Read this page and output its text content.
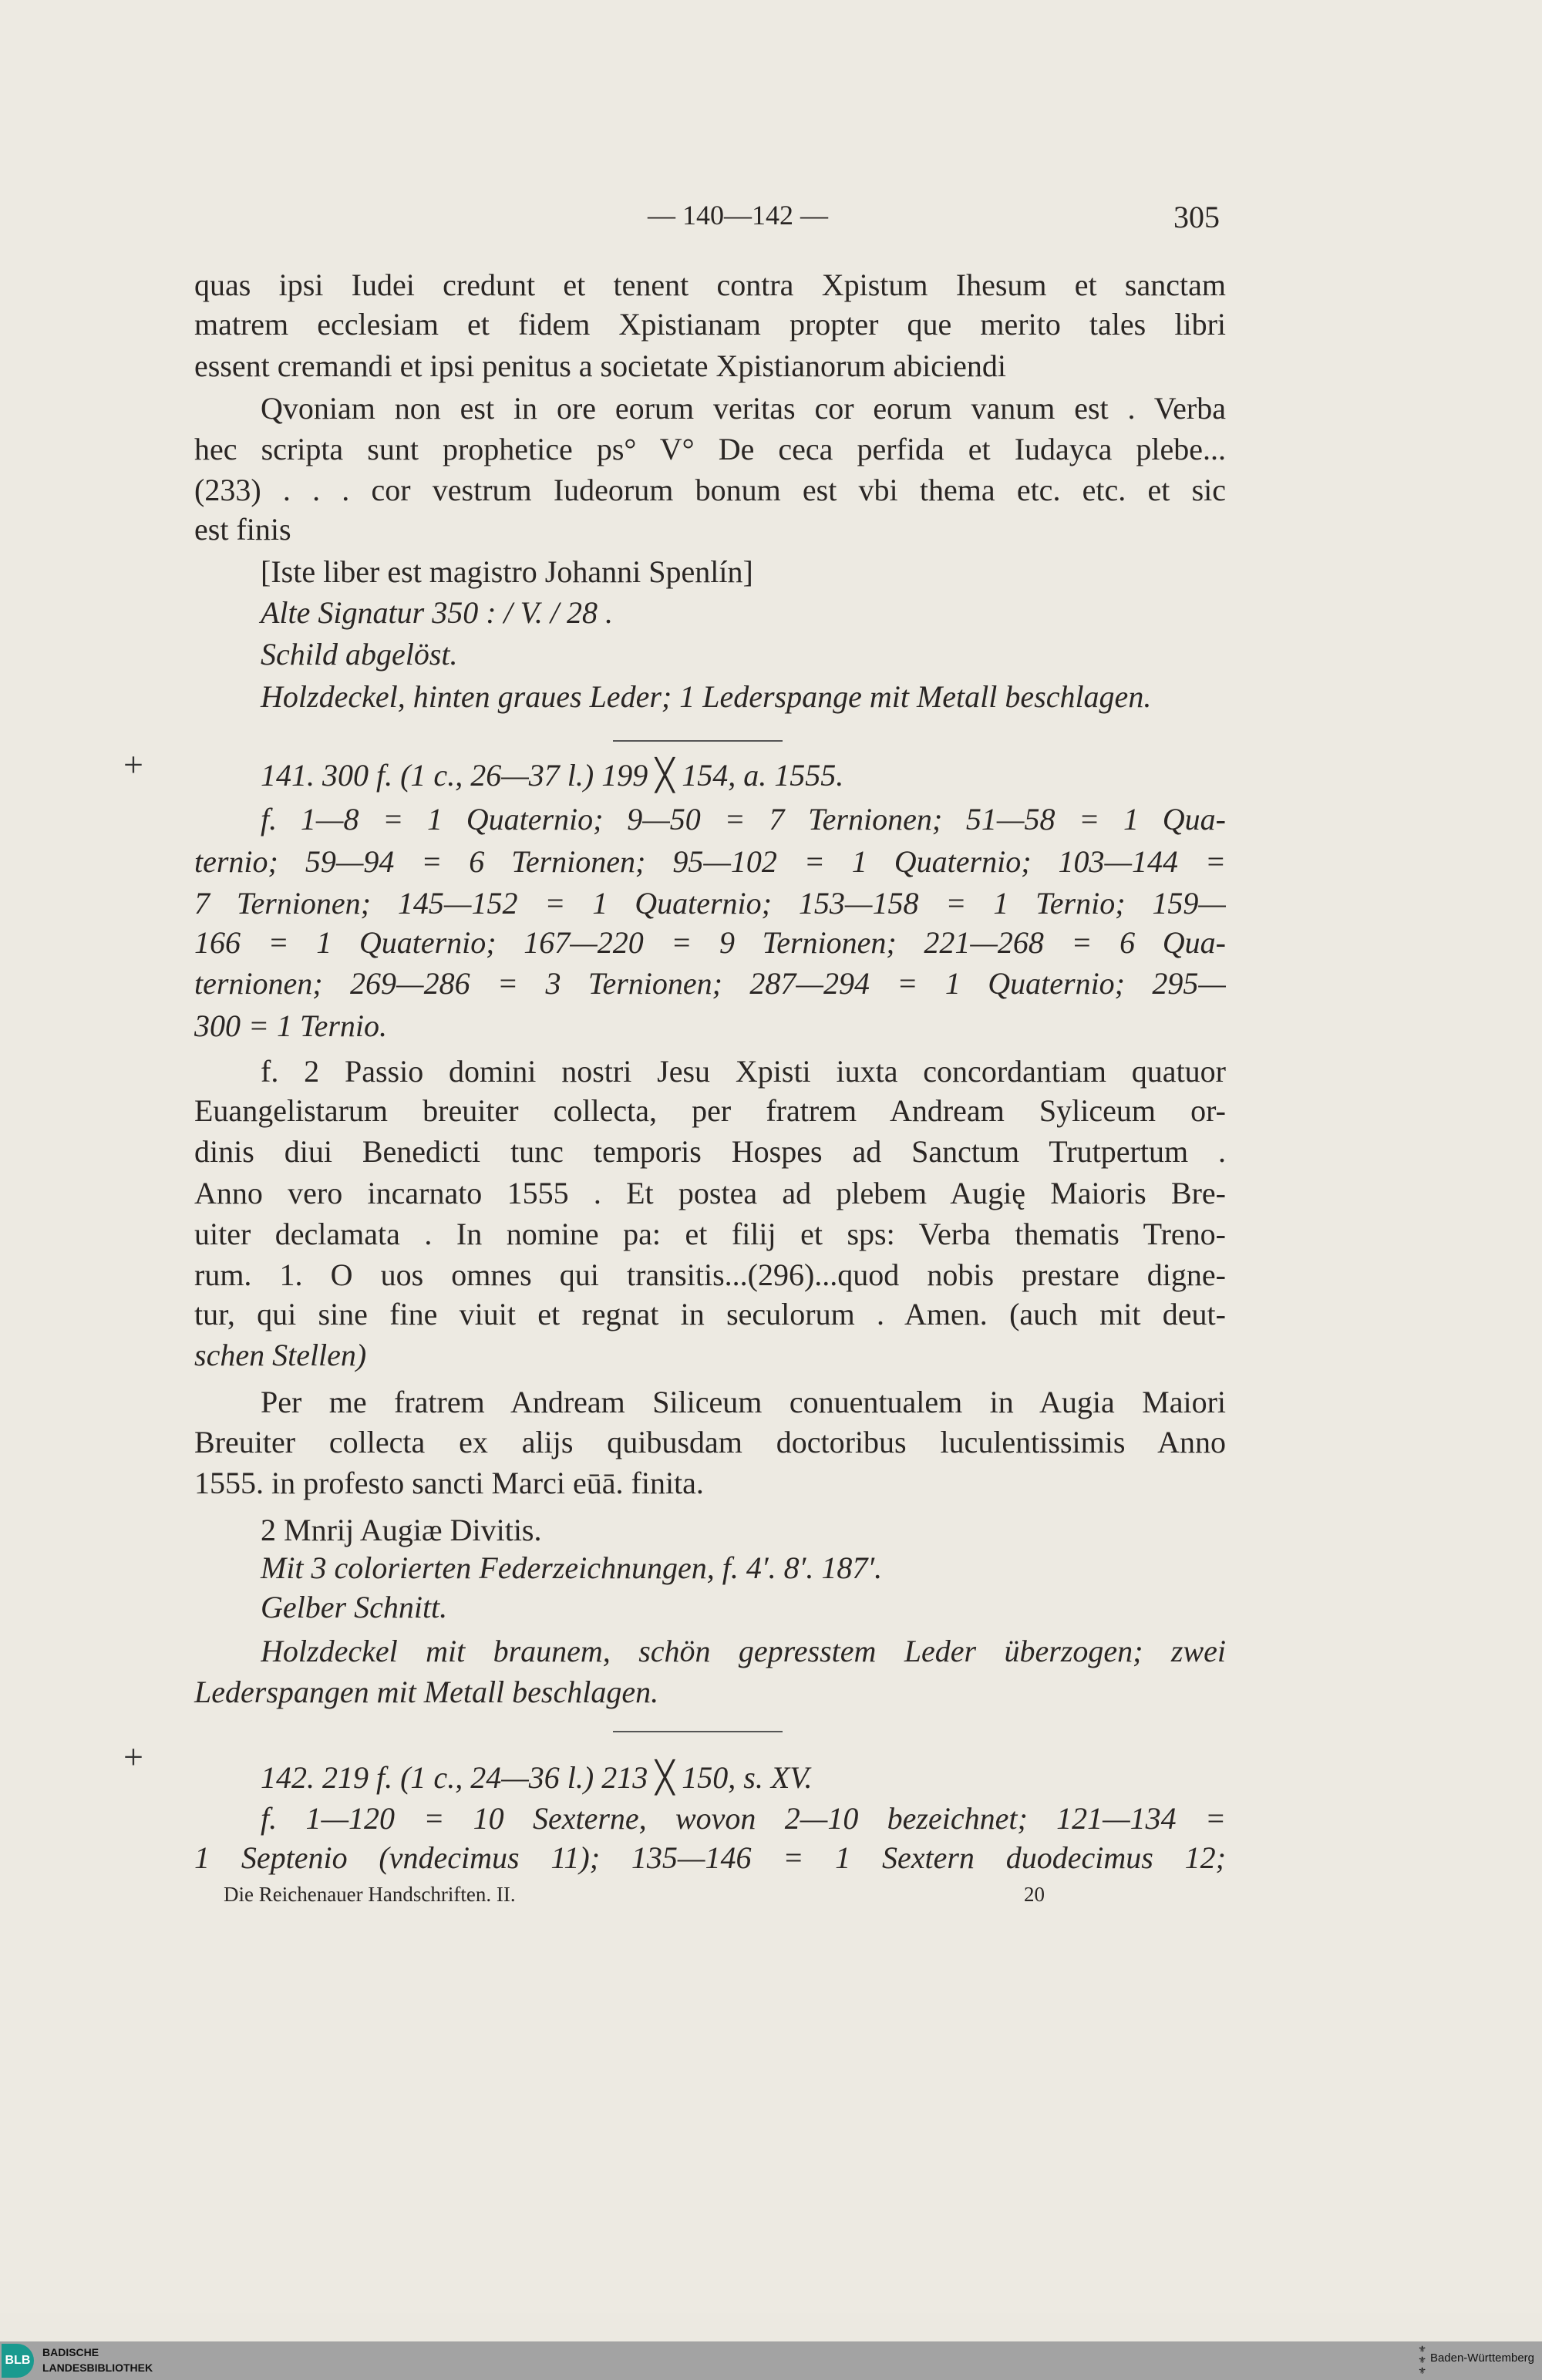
— 140—142 —	305
quas ipsi Iudei credunt et tenent contra Xpistum Ihesum et sanctam
matrem ecclesiam et fidem Xpistianam propter que merito tales libri
essent cremandi et ipsi penitus a societate Xpistianorum abiciendi
Qvoniam non est in ore eorum veritas cor eorum vanum est . Verba
hec scripta sunt prophetice ps° V° De ceca perfida et Iudayca plebe...
(233) . . . cor vestrum Iudeorum bonum est vbi thema etc. etc. et sic
est finis
[Iste liber est magistro Johanni Spenlín]
Alte Signatur 350 : / V. / 28 .
Schild abgelöst.
Holzdeckel, hinten graues Leder; 1 Lederspange mit Metall beschlagen.
141. 300 f. (1 c., 26—37 l.) 199 ╳ 154, a. 1555.
f. 1—8 = 1 Quaternio; 9—50 = 7 Ternionen; 51—58 = 1 Qua-
ternio; 59—94 = 6 Ternionen; 95—102 = 1 Quaternio; 103—144 =
7 Ternionen; 145—152 = 1 Quaternio; 153—158 = 1 Ternio; 159—
166 = 1 Quaternio; 167—220 = 9 Ternionen; 221—268 = 6 Qua-
ternionen; 269—286 = 3 Ternionen; 287—294 = 1 Quaternio; 295—
300 = 1 Ternio.
f. 2 Passio domini nostri Jesu Xpisti iuxta concordantiam quatuor
Euangelistarum breuiter collecta, per fratrem Andream Syliceum or-
dinis diui Benedicti tunc temporis Hospes ad Sanctum Trutpertum .
Anno vero incarnato 1555 . Et postea ad plebem Augię Maioris Bre-
uiter declamata . In nomine pa: et filij et sps: Verba thematis Treno-
rum. 1. O uos omnes qui transitis...(296)...quod nobis prestare digne-
tur, qui sine fine viuit et regnat in seculorum . Amen. (auch mit deut-
schen Stellen)
Per me fratrem Andream Siliceum conuentualem in Augia Maiori
Breuiter collecta ex alijs quibusdam doctoribus luculentissimis Anno
1555. in profesto sancti Marci eūā. finita.
2 Mnrij Augiæ Divitis.
Mit 3 colorierten Federzeichnungen, f. 4′. 8′. 187′.
Gelber Schnitt.
Holzdeckel mit braunem, schön gepresstem Leder überzogen; zwei
Lederspangen mit Metall beschlagen.
142. 219 f. (1 c., 24—36 l.) 213 ╳ 150, s. XV.
f. 1—120 = 10 Sexterne, wovon 2—10 bezeichnet; 121—134 =
1 Septenio (vndecimus 11); 135—146 = 1 Sextern duodecimus 12;
+
+
Die Reichenauer Handschriften. II.	20
BLB
BADISCHE
LANDESBIBLIOTHEK
⚜
⚜
⚜
Baden-Württemberg
